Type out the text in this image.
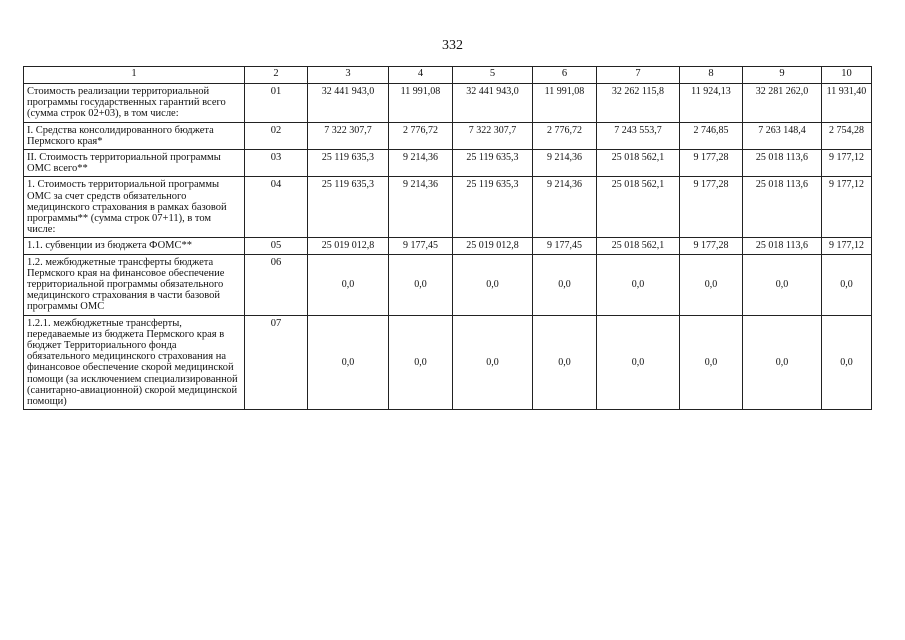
332
1	2	3	4	5	6	7	8	9	10
Стоимость реализации территориальной программы государственных гарантий всего (сумма строк 02+03), в том числе:	01	32 441 943,0	11 991,08	32 441 943,0	11 991,08	32 262 115,8	11 924,13	32 281 262,0	11 931,40
I. Средства консолидированного бюджета Пермского края*	02	7 322 307,7	2 776,72	7 322 307,7	2 776,72	7 243 553,7	2 746,85	7 263 148,4	2 754,28
II. Стоимость территориальной программы ОМС всего**	03	25 119 635,3	9 214,36	25 119 635,3	9 214,36	25 018 562,1	9 177,28	25 018 113,6	9 177,12
1. Стоимость территориальной программы ОМС за счет средств обязательного медицинского страхования в рамках базовой программы** (сумма строк 07+11), в том числе:	04	25 119 635,3	9 214,36	25 119 635,3	9 214,36	25 018 562,1	9 177,28	25 018 113,6	9 177,12
1.1. субвенции из бюджета ФОМС**	05	25 019 012,8	9 177,45	25 019 012,8	9 177,45	25 018 562,1	9 177,28	25 018 113,6	9 177,12
1.2. межбюджетные трансферты бюджета Пермского края на финансовое обеспечение территориальной программы обязательного медицинского страхования в части базовой программы ОМС	06	0,0	0,0	0,0	0,0	0,0	0,0	0,0	0,0
1.2.1. межбюджетные трансферты, передаваемые из бюджета Пермского края в бюджет Территориального фонда обязательного медицинского страхования на финансовое обеспечение скорой медицинской помощи (за исключением специализированной (санитарно-авиационной) скорой медицинской помощи)	07	0,0	0,0	0,0	0,0	0,0	0,0	0,0	0,0
